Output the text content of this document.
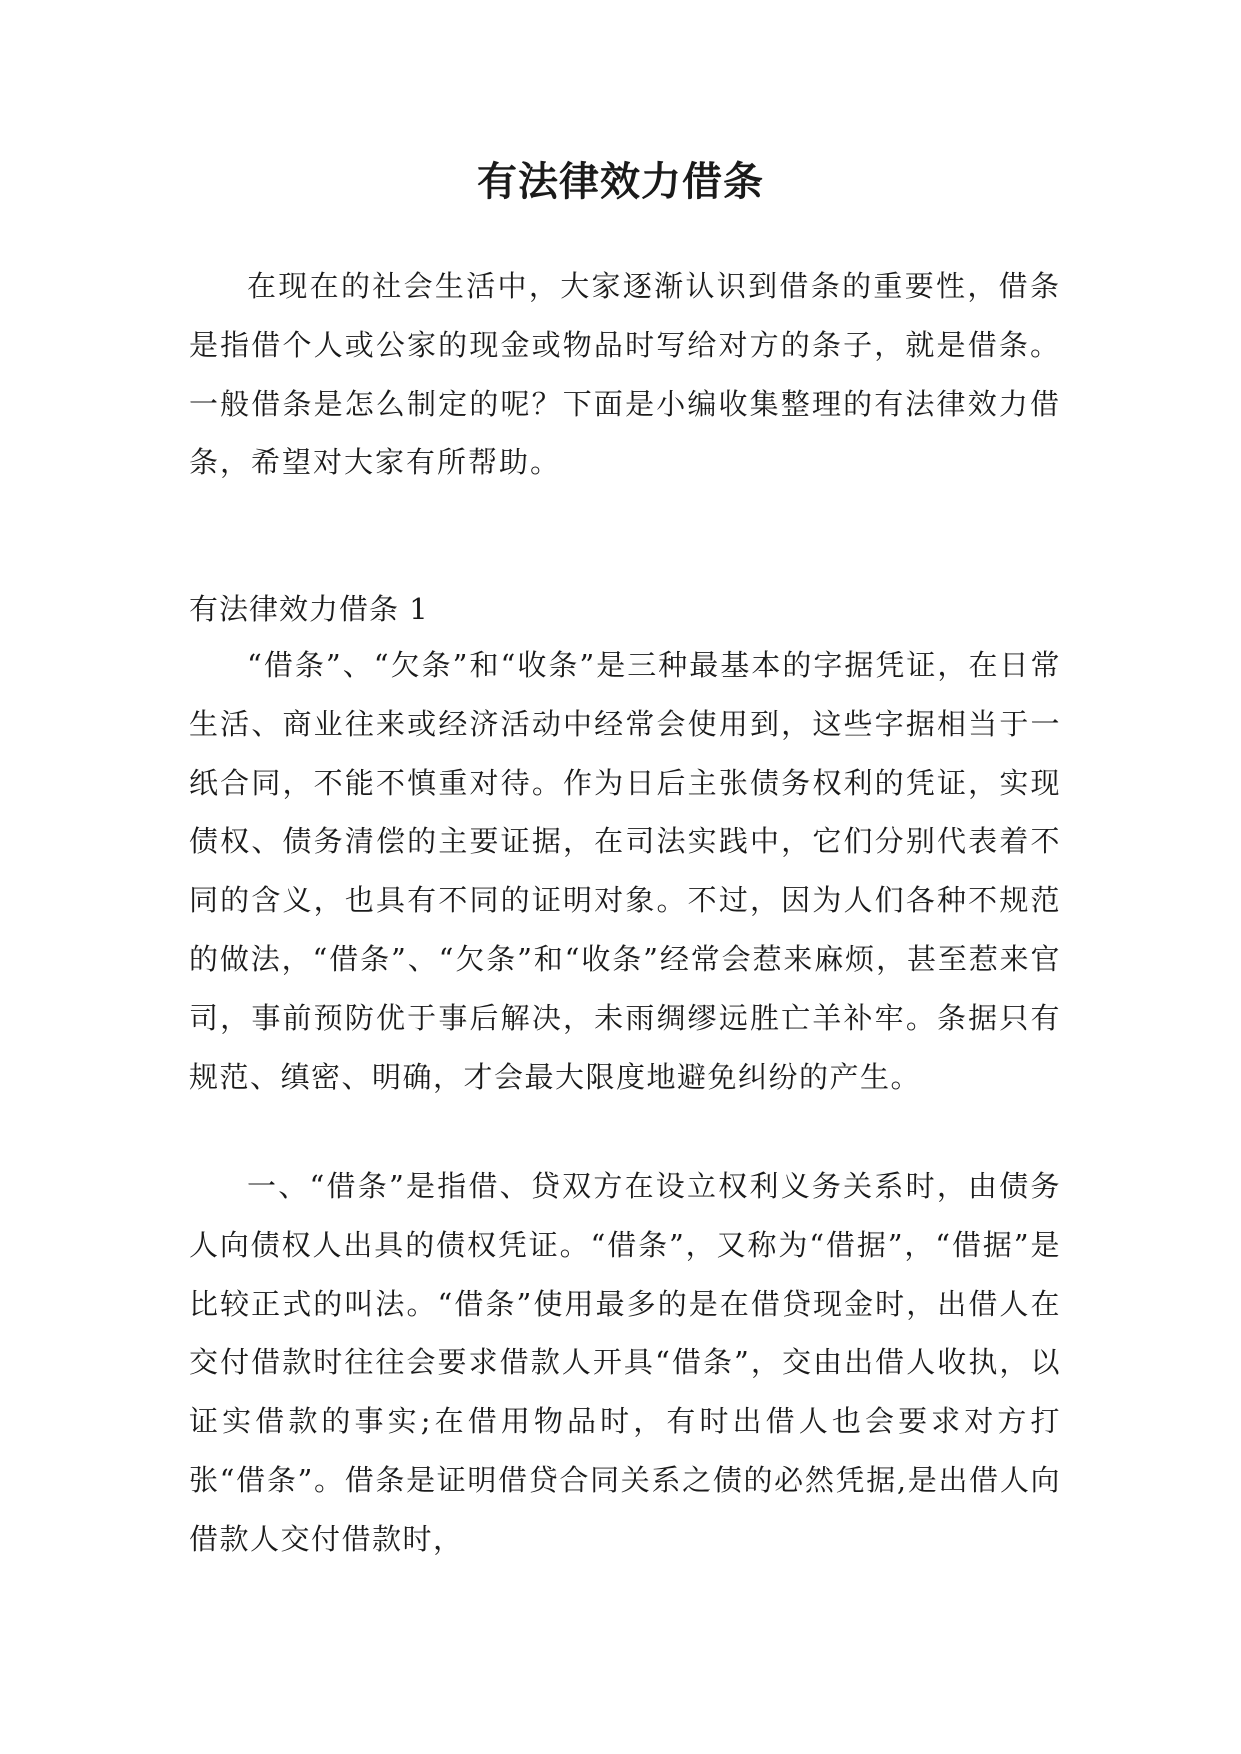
有法律效力借条

在现在的社会生活中，大家逐渐认识到借条的重要性，借条是指借个人或公家的现金或物品时写给对方的条子，就是借条。一般借条是怎么制定的呢？下面是小编收集整理的有法律效力借条，希望对大家有所帮助。

有法律效力借条 1

“借条”、“欠条”和“收条”是三种最基本的字据凭证，在日常生活、商业往来或经济活动中经常会使用到，这些字据相当于一纸合同，不能不慎重对待。作为日后主张债务权利的凭证，实现债权、债务清偿的主要证据，在司法实践中，它们分别代表着不同的含义，也具有不同的证明对象。不过，因为人们各种不规范的做法，“借条”、“欠条”和“收条”经常会惹来麻烦，甚至惹来官司，事前预防优于事后解决，未雨绸缪远胜亡羊补牢。条据只有规范、缜密、明确，才会最大限度地避免纠纷的产生。

一、“借条”是指借、贷双方在设立权利义务关系时，由债务人向债权人出具的债权凭证。“借条”，又称为“借据”，“借据”是比较正式的叫法。“借条”使用最多的是在借贷现金时，出借人在交付借款时往往会要求借款人开具“借条”，交由出借人收执，以证实借款的事实;在借用物品时，有时出借人也会要求对方打张“借条”。借条是证明借贷合同关系之债的必然凭据,是出借人向借款人交付借款时，
